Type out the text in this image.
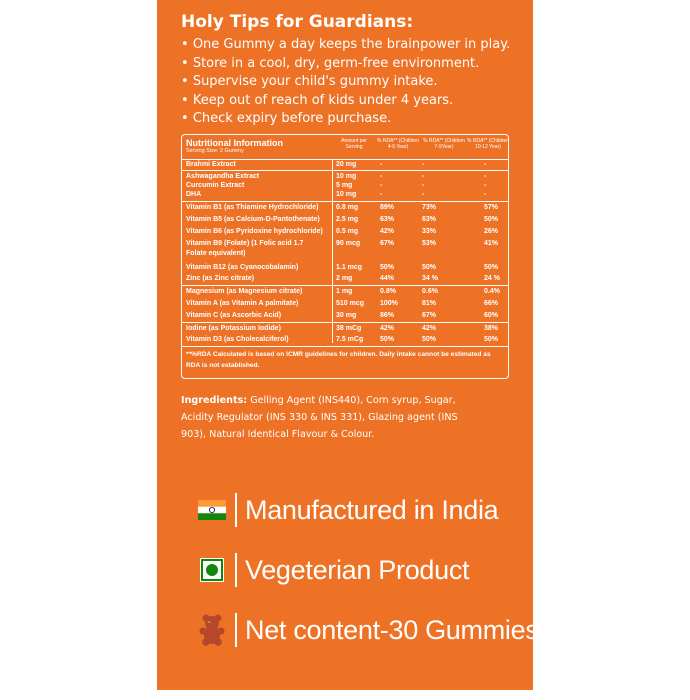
Holy Tips for Guardians:
• One Gummy a day keeps the brainpower in play.
• Store in a cool, dry, germ-free environment.
• Supervise your child's gummy intake.
• Keep out of reach of kids under 4 years.
• Check expiry before purchase.
Nutritional Information
Serving Size: 2 Gummy
Amount per Serving
% RDA** (Children 4-6 Year)
% RDA** (Children 7-9Year)
% RDA** (Children 10-12 Year)
Brahmi Extract	20 mg	-	-	-
Ashwagandha Extract	10 mg	-	-	-
Curcumin Extract	5 mg	-	-	-
DHA	10 mg	-	-	-
Vitamin B1 (as Thiamine Hydrochloride) 0.8 mg	89%	73%	57%
Vitamin B5 (as Calcium-D-Pantothenate) 2.5 mg	63%	63%	50%
Vitamin B6 (as Pyridoxine hydrochloride) 0.5 mg	42%	33%	26%
Vitamin B9 (Folate) (1 Folic acid 1.7	90 mcg	67%	53%	41%
Folate equivalent)
Vitamin B12 (as Cyanocobalamin)	1.1 mcg	50%	50%	50%
Zinc (as Zinc citrate)	2 mg	44%	34 %	24 %
Magnesium (as Magnesium citrate)	1 mg	0.8%	0.6%	0.4%
Vitamin A (as Vitamin A palmitate)	510 mcg 100%	81%	66%
Vitamin C (as Ascorbic Acid)	30 mg	86%	67%	60%
Iodine (as Potassium Iodide)	38 mCg	42%	42%	38%
Vitamin D3 (as Cholecalciferol)	7.5 mCg 50%	50%	50%
**%RDA Calculated is based on ICMR guidelines for children. Daily intake cannot be estimated as RDA is not established.
Ingredients: Gelling Agent (INS440), Corn syrup, Sugar, Acidity Regulator (INS 330 & INS 331), Glazing agent (INS 903), Natural Identical Flavour & Colour.
Manufactured in India
Vegeterian Product
Net content-30 Gummies
